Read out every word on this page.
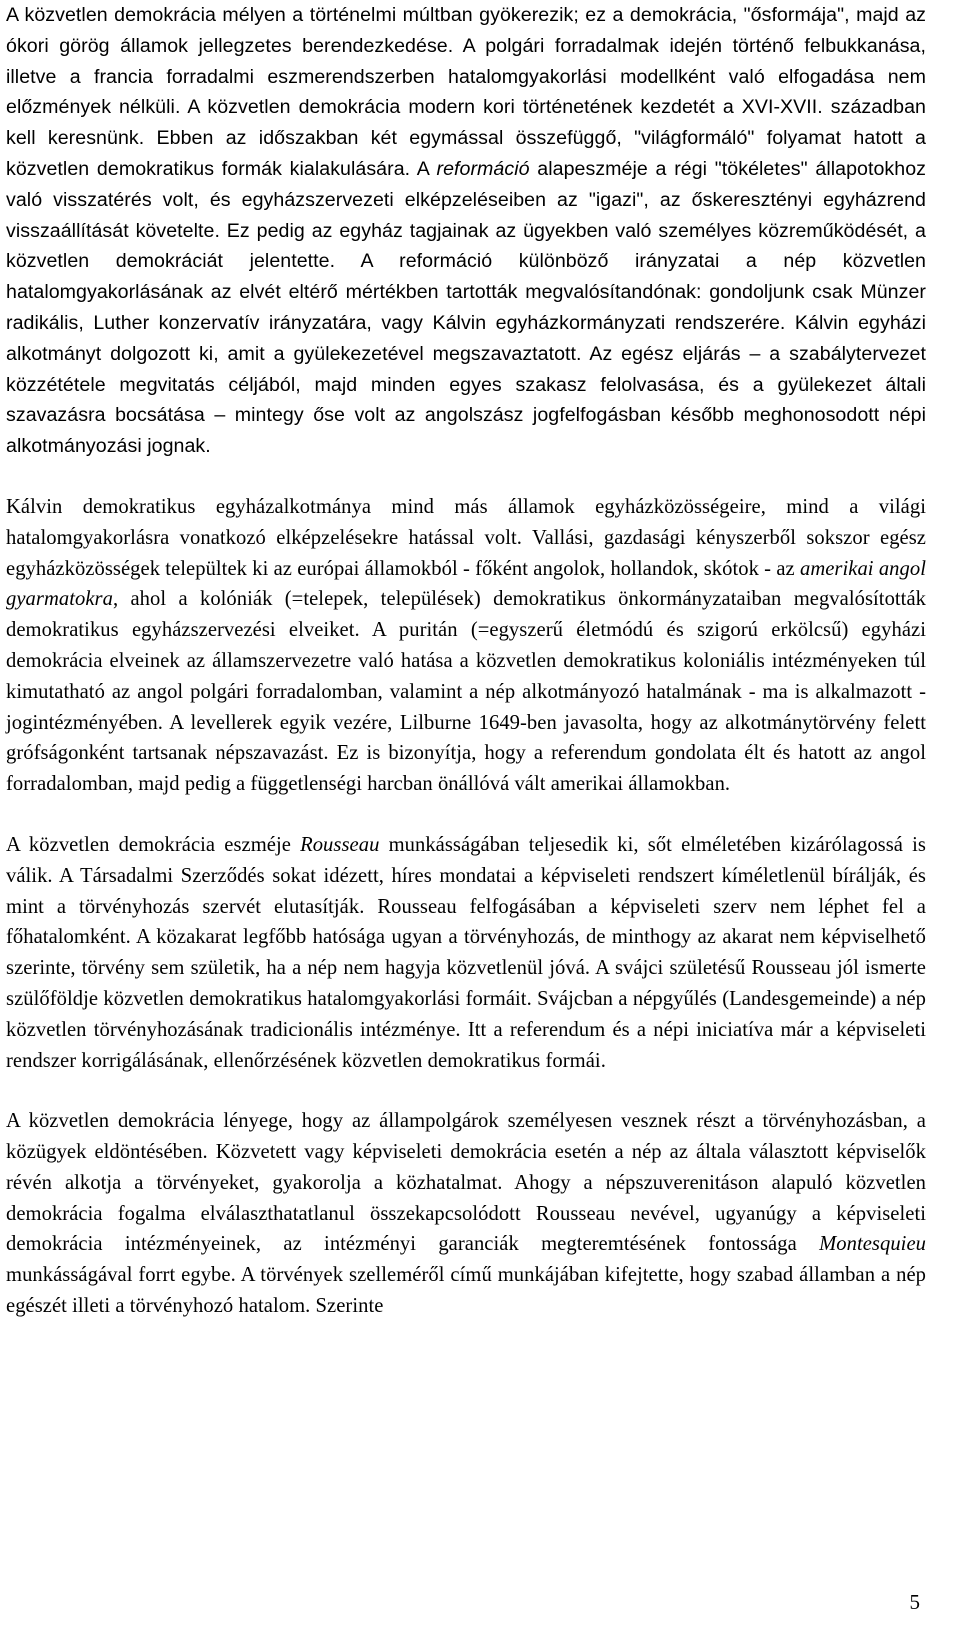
A közvetlen demokrácia mélyen a történelmi múltban gyökerezik; ez a demokrácia, "ősformája", majd az ókori görög államok jellegzetes berendezkedése. A polgári forradalmak idején történő felbukkanása, illetve a francia forradalmi eszmerendszerben hatalomgyakorlási modellként való elfogadása nem előzmények nélküli. A közvetlen demokrácia modern kori történetének kezdetét a XVI-XVII. században kell keresnünk. Ebben az időszakban két egymással összefüggő, "világformáló" folyamat hatott a közvetlen demokratikus formák kialakulására. A reformáció alapeszméje a régi "tökéletes" állapotokhoz való visszatérés volt, és egyházszervezeti elképzeléseiben az "igazi", az őskeresztényi egyházrend visszaállítását követelte. Ez pedig az egyház tagjainak az ügyekben való személyes közreműködését, a közvetlen demokráciát jelentette. A reformáció különböző irányzatai a nép közvetlen hatalomgyakorlásának az elvét eltérő mértékben tartották megvalósítandónak: gondoljunk csak Münzer radikális, Luther konzervatív irányzatára, vagy Kálvin egyházkormányzati rendszerére. Kálvin egyházi alkotmányt dolgozott ki, amit a gyülekezetével megszavaztatott. Az egész eljárás – a szabálytervezet közzététele megvitatás céljából, majd minden egyes szakasz felolvasása, és a gyülekezet általi szavazásra bocsátása – mintegy őse volt az angolszász jogfelfogásban később meghonosodott népi alkotmányozási jognak.

Kálvin demokratikus egyházalkotmánya mind más államok egyházközösségeire, mind a világi hatalomgyakorlásra vonatkozó elképzelésekre hatással volt. Vallási, gazdasági kényszerből sokszor egész egyházközösségek települtek ki az európai államokból - főként angolok, hollandok, skótok - az amerikai angol gyarmatokra, ahol a kolóniák (=telepek, települések) demokratikus önkormányzataiban megvalósították demokratikus egyházszervezési elveiket. A puritán (=egyszerű életmódú és szigorú erkölcsű) egyházi demokrácia elveinek az államszervezetre való hatása a közvetlen demokratikus koloniális intézményeken túl kimutatható az angol polgári forradalomban, valamint a nép alkotmányozó hatalmának - ma is alkalmazott - jogintézményében. A levellerek egyik vezére, Lilburne 1649-ben javasolta, hogy az alkotmánytörvény felett grófságonként tartsanak népszavazást. Ez is bizonyítja, hogy a referendum gondolata élt és hatott az angol forradalomban, majd pedig a függetlenségi harcban önállóvá vált amerikai államokban.

A közvetlen demokrácia eszméje Rousseau munkásságában teljesedik ki, sőt elméletében kizárólagossá is válik. A Társadalmi Szerződés sokat idézett, híres mondatai a képviseleti rendszert kíméletlenül bírálják, és mint a törvényhozás szervét elutasítják. Rousseau felfogásában a képviseleti szerv nem léphet fel a főhatalomként. A közakarat legfőbb hatósága ugyan a törvényhozás, de minthogy az akarat nem képviselhető szerinte, törvény sem születik, ha a nép nem hagyja közvetlenül jóvá. A svájci születésű Rousseau jól ismerte szülőföldje közvetlen demokratikus hatalomgyakorlási formáit. Svájcban a népgyűlés (Landesgemeinde) a nép közvetlen törvényhozásának tradicionális intézménye. Itt a referendum és a népi iniciatíva már a képviseleti rendszer korrigálásának, ellenőrzésének közvetlen demokratikus formái.

A közvetlen demokrácia lényege, hogy az állampolgárok személyesen vesznek részt a törvényhozásban, a közügyek eldöntésében. Közvetett vagy képviseleti demokrácia esetén a nép az általa választott képviselők révén alkotja a törvényeket, gyakorolja a közhatalmat. Ahogy a népszuverenitáson alapuló közvetlen demokrácia fogalma elválaszthatatlanul összekapcsolódott Rousseau nevével, ugyanúgy a képviseleti demokrácia intézményeinek, az intézményi garanciák megteremtésének fontossága Montesquieu munkásságával forrt egybe. A törvények szelleméről című munkájában kifejtette, hogy szabad államban a nép egészét illeti a törvényhozó hatalom. Szerinte

5
